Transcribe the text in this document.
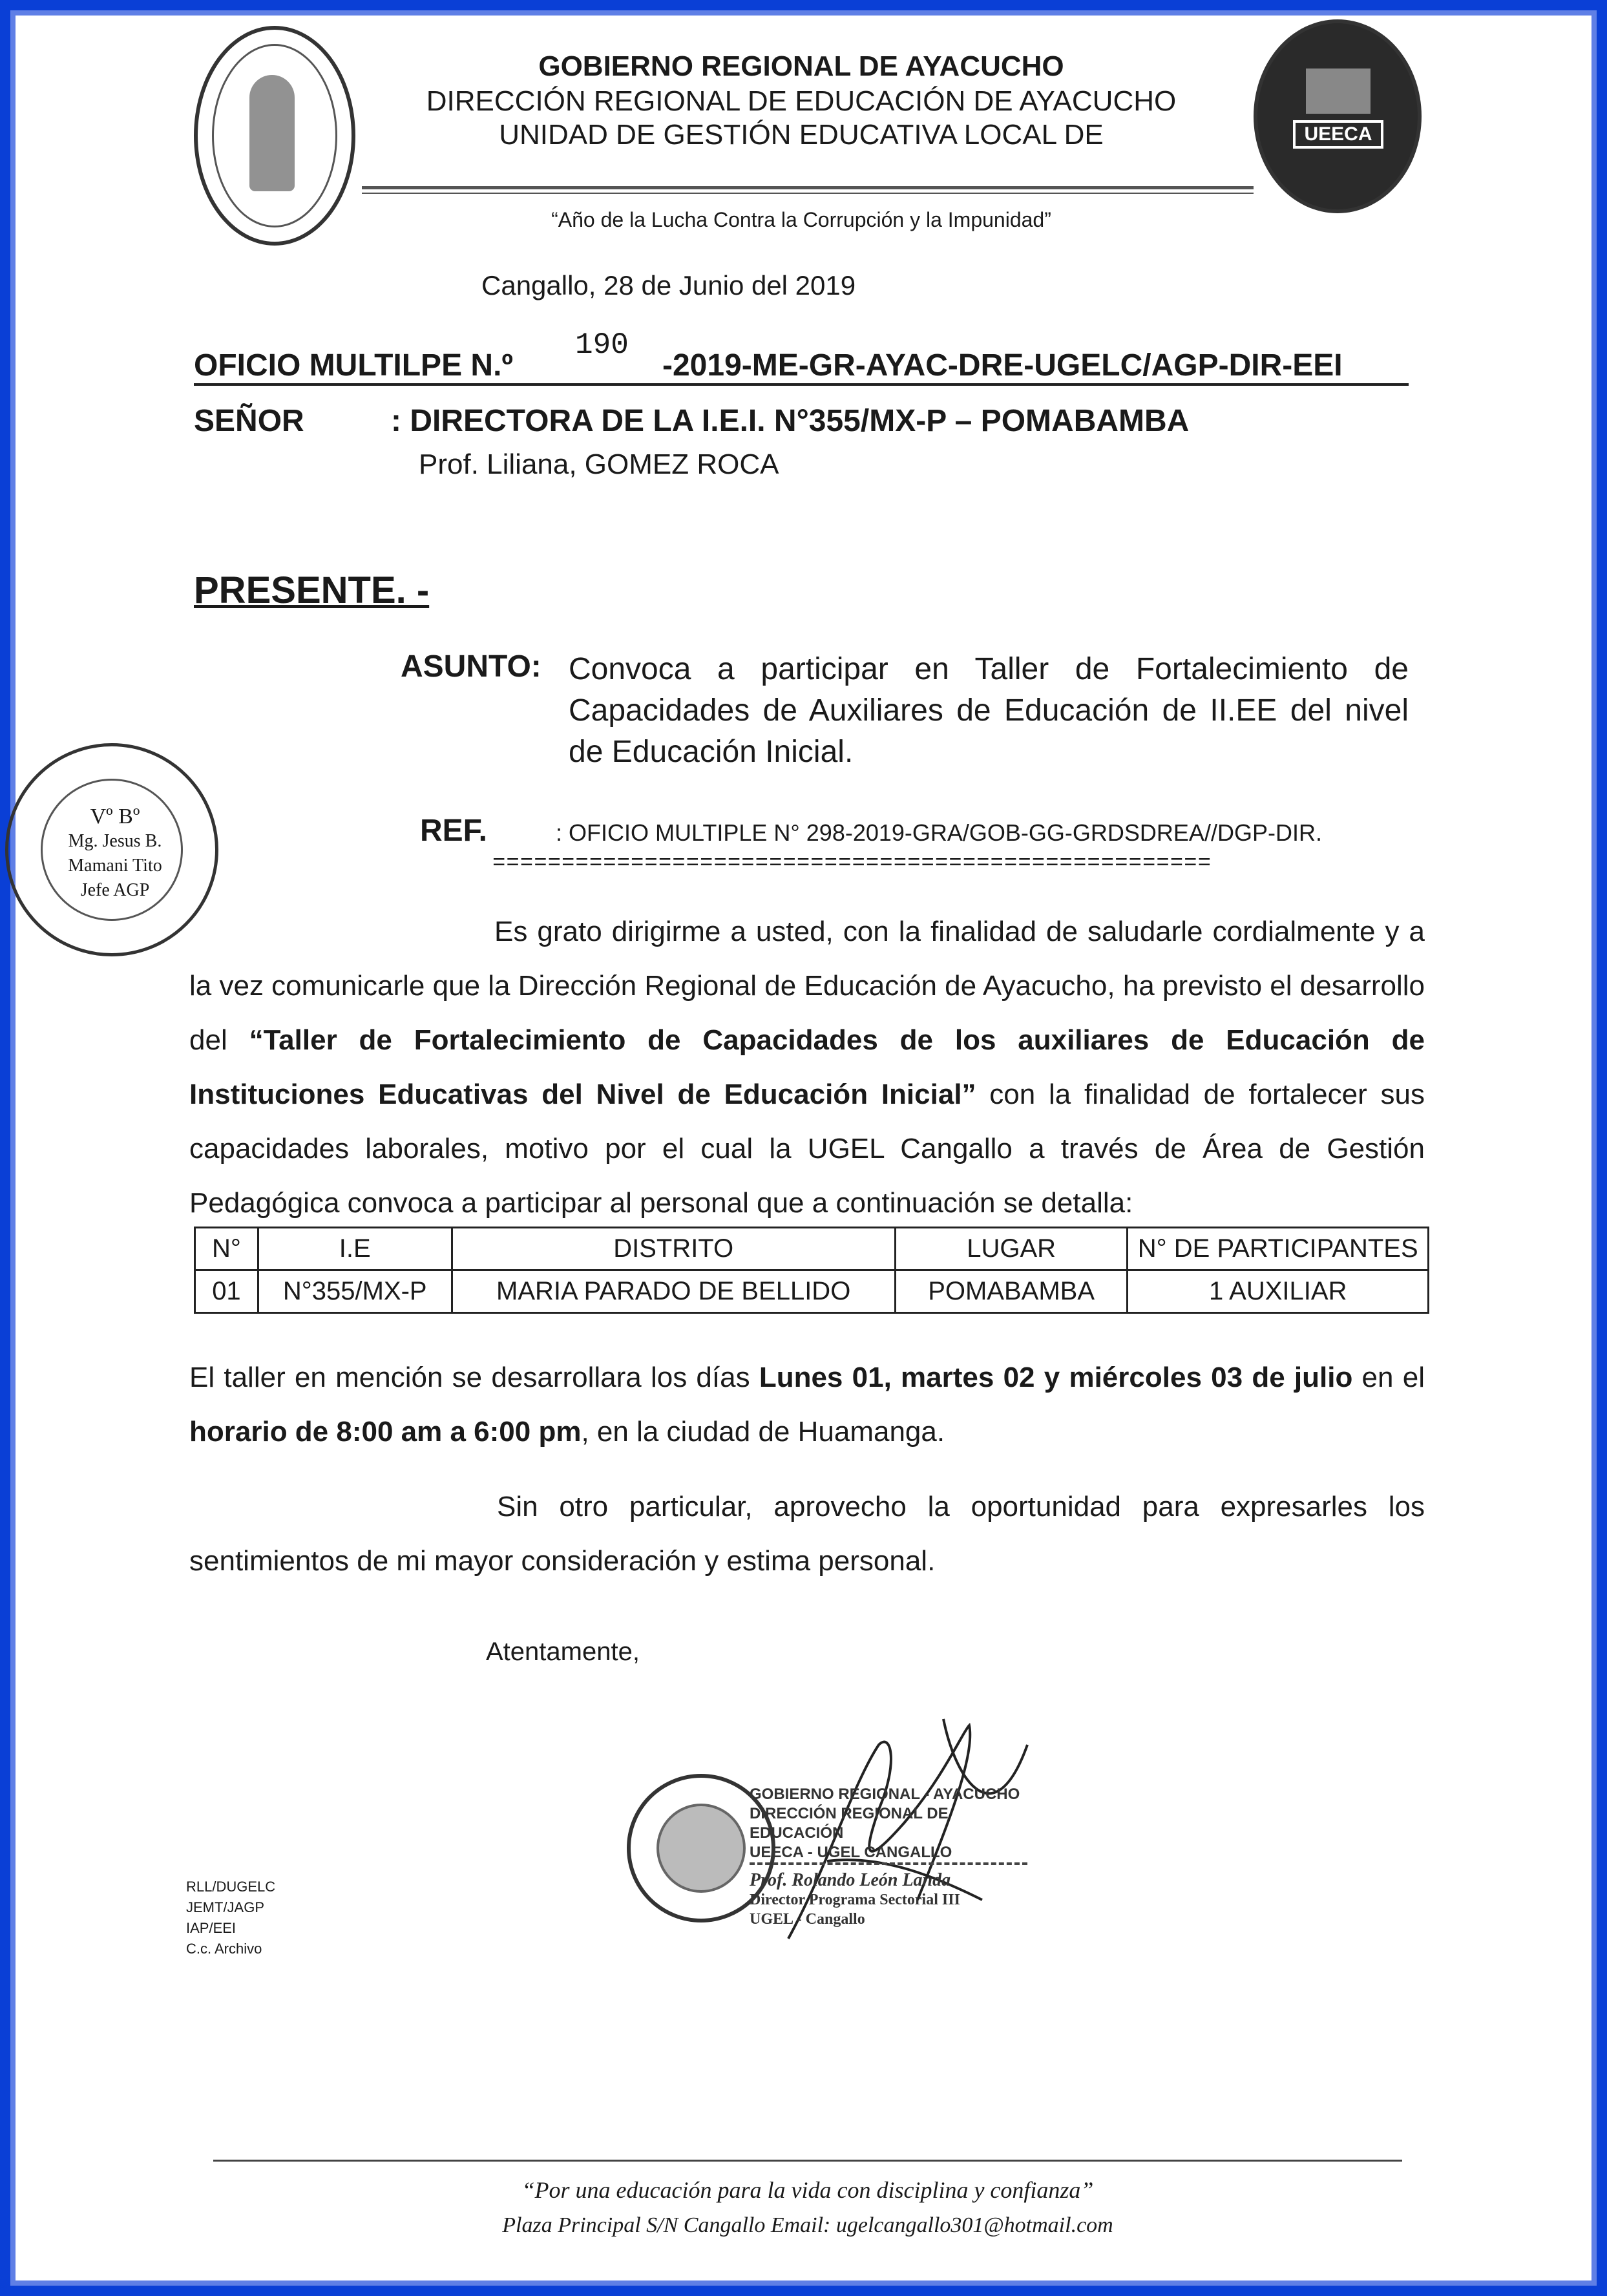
UEECA
GOBIERNO REGIONAL DE AYACUCHO
DIRECCIÓN REGIONAL DE EDUCACIÓN DE AYACUCHO
UNIDAD DE GESTIÓN EDUCATIVA LOCAL DE
“Año de la Lucha Contra la Corrupción y la Impunidad”
Cangallo, 28 de Junio del 2019
OFICIO MULTILPE N.º
190
-2019-ME-GR-AYAC-DRE-UGELC/AGP-DIR-EEI
SEÑOR	: DIRECTORA DE LA I.E.I. N°355/MX-P – POMABAMBA
Prof. Liliana, GOMEZ ROCA
PRESENTE. -
ASUNTO: Convoca a participar en Taller de Fortalecimiento de Capacidades de Auxiliares de Educación de II.EE del nivel de Educación Inicial.
REF.	: OFICIO MULTIPLE N° 298-2019-GRA/GOB-GG-GRDSDREA//DGP-DIR.
====================================================
Vº Bº
Mg. Jesus B.
Mamani Tito
Jefe AGP
Es grato dirigirme a usted, con la finalidad de saludarle cordialmente y a la vez comunicarle que la Dirección Regional de Educación de Ayacucho, ha previsto el desarrollo del “Taller de Fortalecimiento de Capacidades de los auxiliares de Educación de Instituciones Educativas del Nivel de Educación Inicial” con la finalidad de fortalecer sus capacidades laborales, motivo por el cual la UGEL Cangallo a través de Área de Gestión Pedagógica convoca a participar al personal que a continuación se detalla:
N°	I.E	DISTRITO	LUGAR	N° DE PARTICIPANTES
01	N°355/MX-P	MARIA PARADO DE BELLIDO	POMABAMBA	1 AUXILIAR
El taller en mención se desarrollara los días Lunes 01, martes 02 y miércoles 03 de julio en el horario de 8:00 am a 6:00 pm, en la ciudad de Huamanga.
Sin otro particular, aprovecho la oportunidad para expresarles los sentimientos de mi mayor consideración y estima personal.
Atentamente,
GOBIERNO REGIONAL - AYACUCHO
DIRECCIÓN REGIONAL DE EDUCACIÓN
UEECA - UGEL CANGALLO
Prof. Rolando León Landa
Director Programa Sectorial III
UGEL - Cangallo
RLL/DUGELC
JEMT/JAGP
IAP/EEI
C.c. Archivo
“Por una educación para la vida con disciplina y confianza”
Plaza Principal S/N Cangallo Email: ugelcangallo301@hotmail.com
